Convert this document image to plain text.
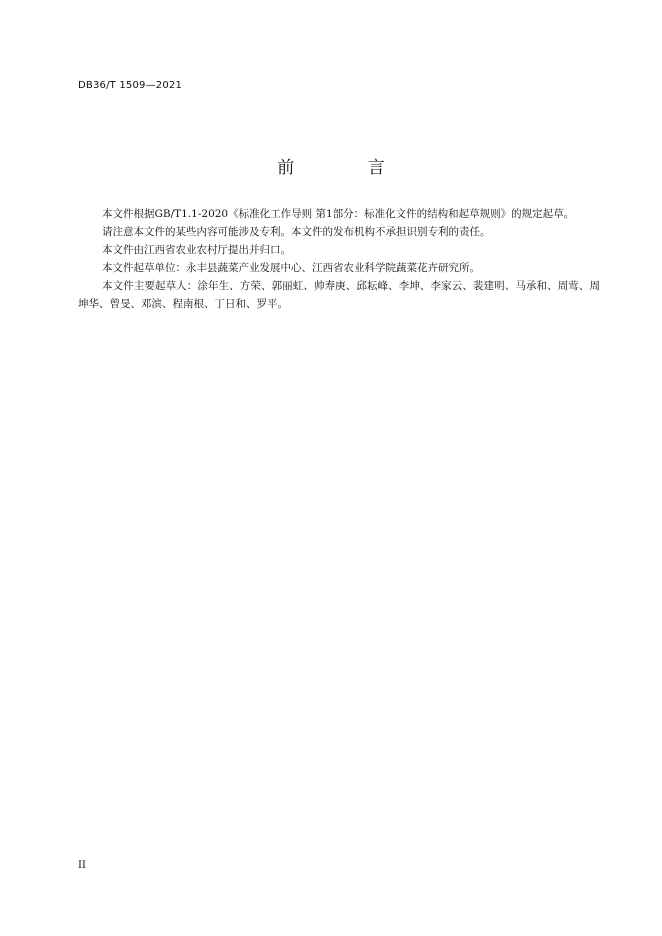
DB36/T 1509—2021
前 言

本文件根据GB/T1.1-2020《标准化工作导则 第1部分：标准化文件的结构和起草规则》的规定起草。

请注意本文件的某些内容可能涉及专利。本文件的发布机构不承担识别专利的责任。

本文件由江西省农业农村厅提出并归口。

本文件起草单位：永丰县蔬菜产业发展中心、江西省农业科学院蔬菜花卉研究所。

本文件主要起草人：涂年生、方荣、郭丽虹、帅寿庚、邱耘峰、李坤、李家云、裴建明、马承和、周莺、周坤华、曾旻、邓滨、程南根、丁日和、罗平。

II
